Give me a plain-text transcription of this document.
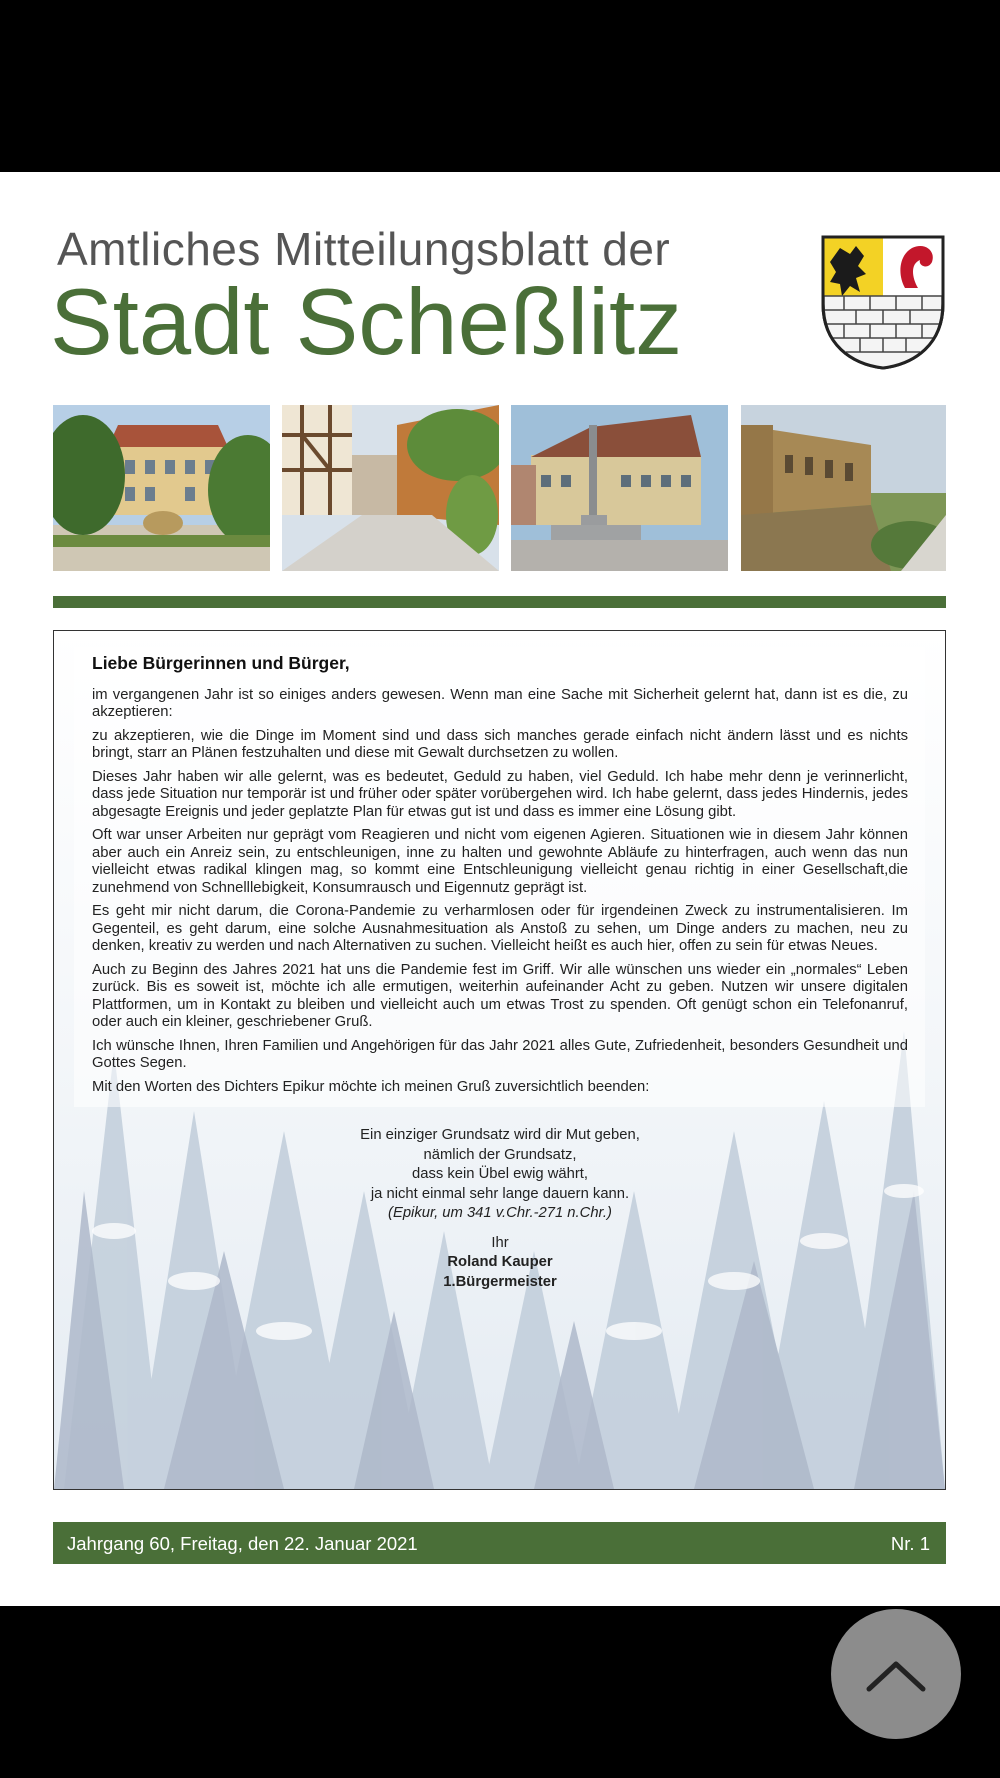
Amtliches Mitteilungsblatt der
Stadt Scheßlitz
Liebe Bürgerinnen und Bürger,

im vergangenen Jahr ist so einiges anders gewesen. Wenn man eine Sache mit Sicherheit gelernt hat, dann ist es die, zu akzeptieren:

zu akzeptieren, wie die Dinge im Moment sind und dass sich manches gerade einfach nicht ändern lässt und es nichts bringt, starr an Plänen festzuhalten und diese mit Gewalt durchsetzen zu wollen.

Dieses Jahr haben wir alle gelernt, was es bedeutet, Geduld zu haben, viel Geduld. Ich habe mehr denn je verinnerlicht, dass jede Situation nur temporär ist und früher oder später vorübergehen wird. Ich habe gelernt, dass jedes Hindernis, jedes abgesagte Ereignis und jeder geplatzte Plan für etwas gut ist und dass es immer eine Lösung gibt.

Oft war unser Arbeiten nur geprägt vom Reagieren und nicht vom eigenen Agieren. Situationen wie in diesem Jahr können aber auch ein Anreiz sein, zu entschleunigen, inne zu halten und gewohnte Abläufe zu hinterfragen, auch wenn das nun vielleicht etwas radikal klingen mag, so kommt eine Entschleunigung vielleicht genau richtig in einer Gesellschaft,die zunehmend von Schnelllebigkeit, Konsumrausch und Eigennutz geprägt ist.

Es geht mir nicht darum, die Corona-Pandemie zu verharmlosen oder für irgendeinen Zweck zu instrumentalisieren. Im Gegenteil, es geht darum, eine solche Ausnahmesituation als Anstoß zu sehen, um Dinge anders zu machen, neu zu denken, kreativ zu werden und nach Alternativen zu suchen. Vielleicht heißt es auch hier, offen zu sein für etwas Neues.

Auch zu Beginn des Jahres 2021 hat uns die Pandemie fest im Griff. Wir alle wünschen uns wieder ein „normales“ Leben zurück. Bis es soweit ist, möchte ich alle ermutigen, weiterhin aufeinander Acht zu geben. Nutzen wir unsere digitalen Plattformen, um in Kontakt zu bleiben und vielleicht auch um etwas Trost zu spenden. Oft genügt schon ein Telefonanruf, oder auch ein kleiner, geschriebener Gruß.

Ich wünsche Ihnen, Ihren Familien und Angehörigen für das Jahr 2021 alles Gute, Zufriedenheit, besonders Gesundheit und Gottes Segen.

Mit den Worten des Dichters Epikur möchte ich meinen Gruß zuversichtlich beenden:

Ein einziger Grundsatz wird dir Mut geben,
nämlich der Grundsatz,
dass kein Übel ewig währt,
ja nicht einmal sehr lange dauern kann.
(Epikur, um 341 v.Chr.-271 n.Chr.)
Ihr
Roland Kauper
1.Bürgermeister
Jahrgang 60, Freitag, den 22. Januar 2021	Nr. 1
